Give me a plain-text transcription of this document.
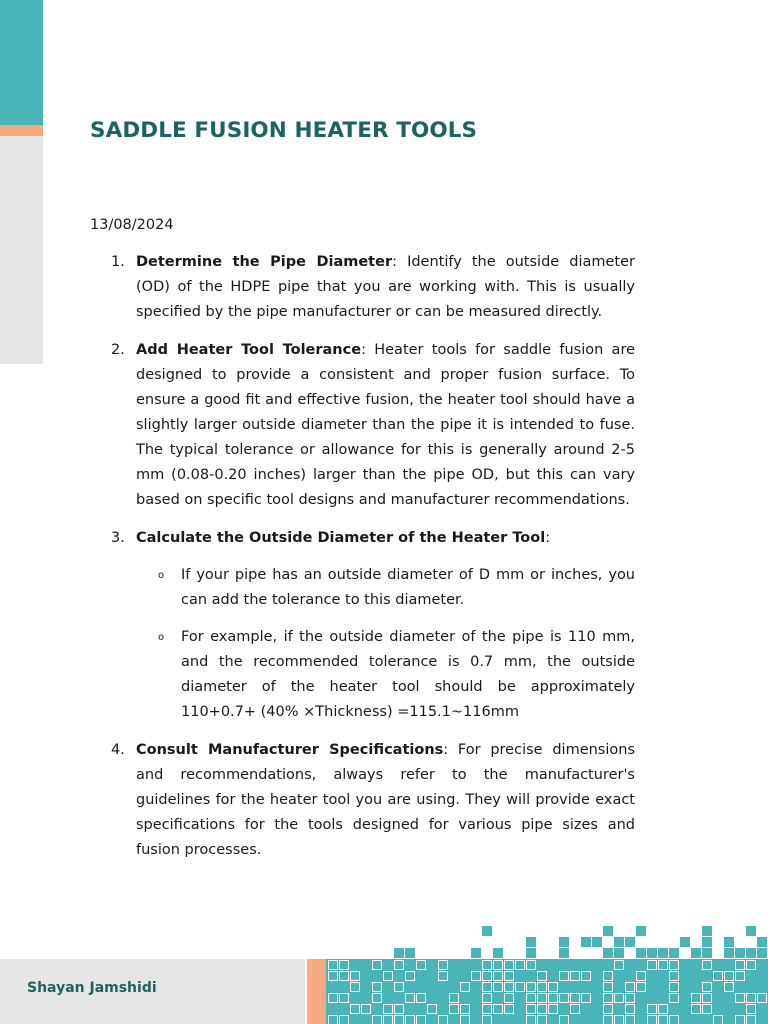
SADDLE FUSION HEATER TOOLS
13/08/2024
1. Determine the Pipe Diameter: Identify the outside diameter (OD) of the HDPE pipe that you are working with. This is usually specified by the pipe manufacturer or can be measured directly.
2. Add Heater Tool Tolerance: Heater tools for saddle fusion are designed to provide a consistent and proper fusion surface. To ensure a good fit and effective fusion, the heater tool should have a slightly larger outside diameter than the pipe it is intended to fuse. The typical tolerance or allowance for this is generally around 2-5 mm (0.08-0.20 inches) larger than the pipe OD, but this can vary based on specific tool designs and manufacturer recommendations.
3. Calculate the Outside Diameter of the Heater Tool:
o If your pipe has an outside diameter of D mm or inches, you can add the tolerance to this diameter.
o For example, if the outside diameter of the pipe is 110 mm, and the recommended tolerance is 0.7 mm, the outside diameter of the heater tool should be approximately 110+0.7+ (40% ×Thickness) =115.1~116mm
4. Consult Manufacturer Specifications: For precise dimensions and recommendations, always refer to the manufacturer's guidelines for the heater tool you are using. They will provide exact specifications for the tools designed for various pipe sizes and fusion processes.
Shayan Jamshidi
